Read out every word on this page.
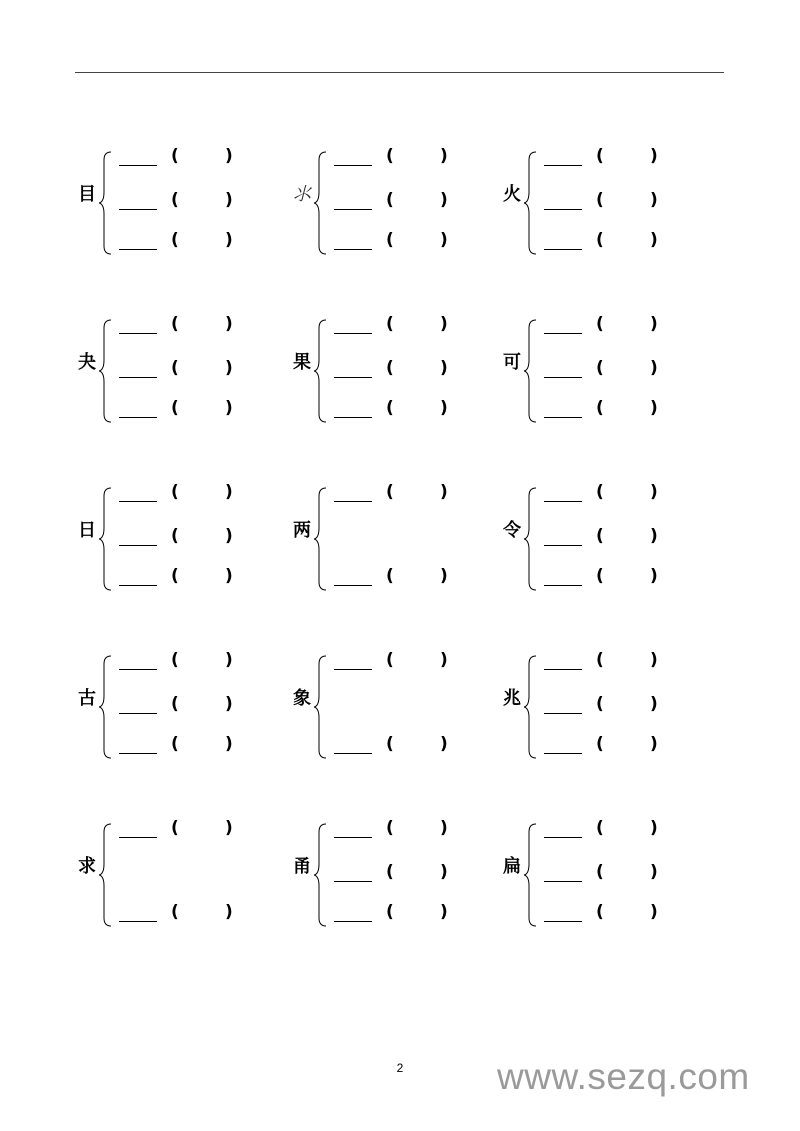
目
(	)
(	)
(	)
⺢
(	)
(	)
(	)
火
(	)
(	)
(	)
夬
(	)
(	)
(	)
果
(	)
(	)
(	)
可
(	)
(	)
(	)
日
(	)
(	)
(	)
两
(	)
(	)
令
(	)
(	)
(	)
古
(	)
(	)
(	)
象
(	)
(	)
兆
(	)
(	)
(	)
求
(	)
(	)
甬
(	)
(	)
(	)
扁
(	)
(	)
(	)
2	www.sezq.com
